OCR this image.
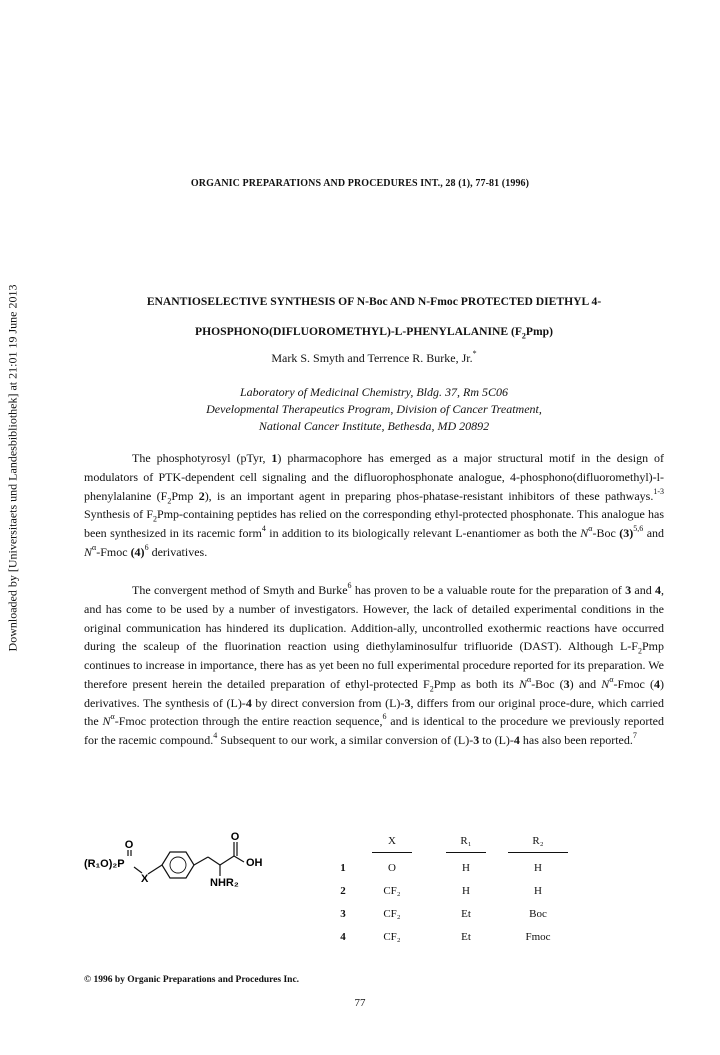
ORGANIC PREPARATIONS AND PROCEDURES INT., 28 (1), 77-81 (1996)
Downloaded by [Universitaets und Landesbibliothek] at 21:01 19 June 2013	ENANTIOSELECTIVE SYNTHESIS OF N-Boc AND N-Fmoc PROTECTED DIETHYL 4-
PHOSPHONO(DIFLUOROMETHYL)-L-PHENYLALANINE $(F_2Pmp)$
Mark S. Smyth and Terrence R. Burke, Jr.*
Laboratory of Medicinal Chemistry, Bldg. 37, Rm 5C06
Developmental Therapeutics Program, Division of Cancer Treatment,
National Cancer Institute, Bethesda, MD 20892
The phosphotyrosyl (pTyr, 1) pharmacophore has emerged as a major structural motif in the design of modulators of PTK-dependent cell signaling and the difluorophosphonate analogue, 4-phosphono(difluoromethyl)-l-phenylalanine ($F_2Pmp$ 2), is an important agent in preparing phos-phatase-resistant inhibitors of these pathways.$^{1-3}$ Synthesis of $F_2Pmp$-containing peptides has relied on the corresponding ethyl-protected phosphonate. This analogue has been synthesized in its racemic form$^4$ in addition to its biologically relevant L-enantiomer as both the $N^\alpha$-Boc $(3)^{5,6}$ and $N^\alpha$-Fmoc $(4)^6$ derivatives.
The convergent method of Smyth and Burke$^6$ has proven to be a valuable route for the preparation of 3 and 4, and has come to be used by a number of investigators. However, the lack of detailed experimental conditions in the original communication has hindered its duplication. Addition-ally, uncontrolled exothermic reactions have occurred during the scaleup of the fluorination reaction using diethylaminosulfur trifluoride (DAST). Although $L-F_2Pmp$ continues to increase in importance, there has as yet been no full experimental procedure reported for its preparation. We therefore present herein the detailed preparation of ethyl-protected $F_2Pmp$ as both its $N^\alpha$-Boc (3) and $N^\alpha$-Fmoc (4) derivatives. The synthesis of (L)-4 by direct conversion from (L)-3, differs from our original proce-dure, which carried the $N^\alpha$-Fmoc protection through the entire reaction sequence,$^6$ and is identical to the procedure we previously reported for the racemic compound.$^4$ Subsequent to our work, a similar conversion of (L)-3 to (L)-4 has also been reported.$^7$
O
O
OH
NHR₂
(R₁O)₂P
X
X	R₁	R₂
1	O	H	H
2	CF₂	H	H
3	CF₂	Et	Boc
4	CF₂	Et	Fmoc
© 1996 by Organic Preparations and Procedures Inc.
77
